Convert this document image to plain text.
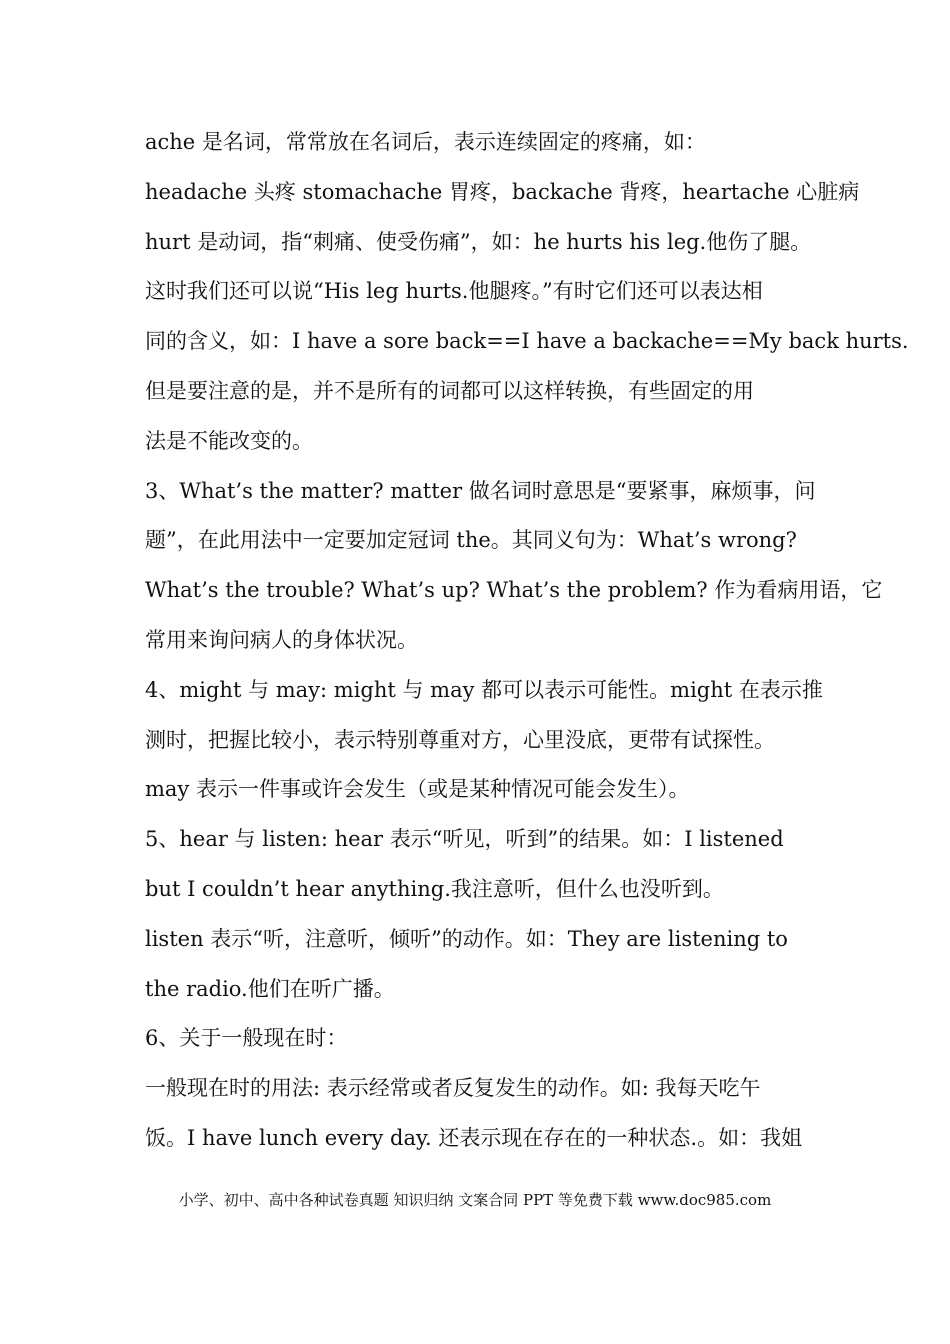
ache 是名词，常常放在名词后，表示连续固定的疼痛，如：
headache 头疼 stomachache 胃疼，backache 背疼，heartache 心脏病
hurt 是动词，指“刺痛、使受伤痛”，如：he hurts his leg.他伤了腿。
这时我们还可以说“His leg hurts.他腿疼。”有时它们还可以表达相
同的含义，如：I have a sore back==I have a backache==My back hurts.
但是要注意的是，并不是所有的词都可以这样转换，有些固定的用
法是不能改变的。
3、What’s the matter? matter 做名词时意思是“要紧事，麻烦事，问
题”，在此用法中一定要加定冠词 the。其同义句为：What’s wrong?
What’s the trouble? What’s up? What’s the problem? 作为看病用语，它
常用来询问病人的身体状况。
4、might 与 may: might 与 may 都可以表示可能性。might 在表示推
测时，把握比较小，表示特别尊重对方，心里没底，更带有试探性。
may 表示一件事或许会发生（或是某种情况可能会发生）。
5、hear 与 listen: hear 表示“听见，听到”的结果。如：I listened
but I couldn’t hear anything.我注意听，但什么也没听到。
listen 表示“听，注意听，倾听”的动作。如：They are listening to
the radio.他们在听广播。
6、关于一般现在时：
一般现在时的用法: 表示经常或者反复发生的动作。如: 我每天吃午
饭。I have lunch every day. 还表示现在存在的一种状态.。如：我姐
小学、初中、高中各种试卷真题 知识归纳 文案合同 PPT 等免费下载 www.doc985.com
